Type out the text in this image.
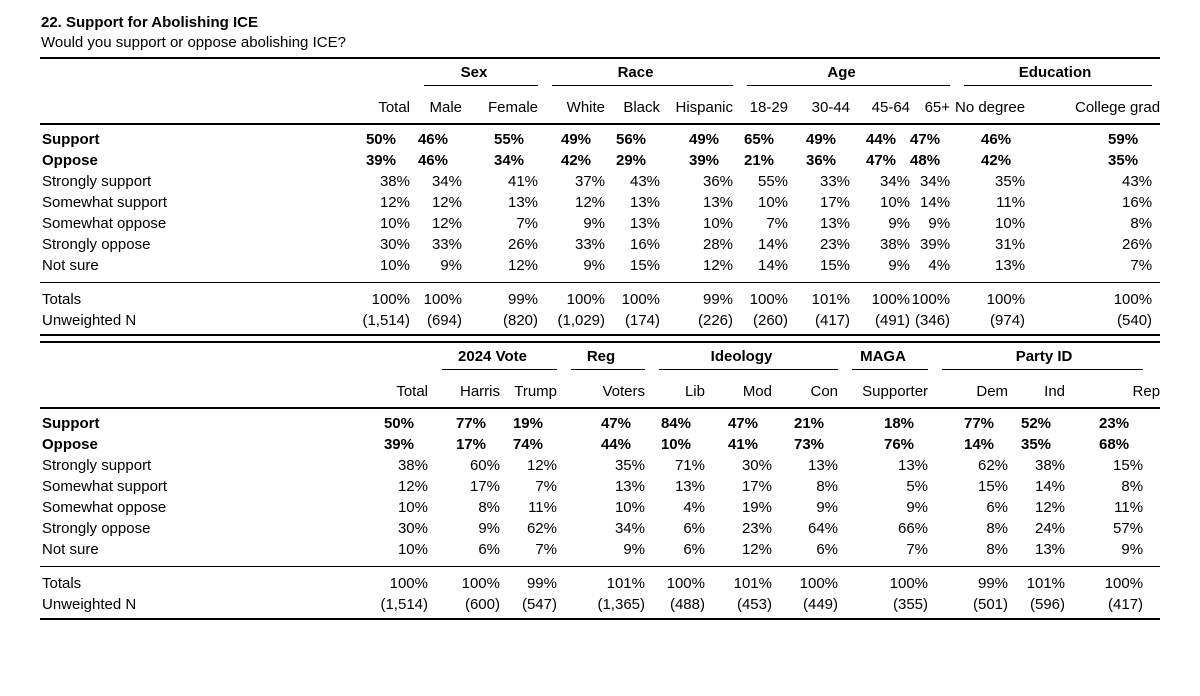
22. Support for Abolishing ICE
Would you support or oppose abolishing ICE?
		Sex		Race			Age				Education	

	Total	Male	Female	White	Black	Hispanic	18-29	30-44	45-64	65+	No degree	College grad
Support	50%	46%	55%	49%	56%	49%	65%	49%	44%	47%	46%	59%
Oppose	39%	46%	34%	42%	29%	39%	21%	36%	47%	48%	42%	35%
Strongly support	38%	34%	41%	37%	43%	36%	55%	33%	34%	34%	35%	43%
Somewhat support	12%	12%	13%	12%	13%	13%	10%	17%	10%	14%	11%	16%
Somewhat oppose	10%	12%	7%	9%	13%	10%	7%	13%	9%	9%	10%	8%
Strongly oppose	30%	33%	26%	33%	16%	28%	14%	23%	38%	39%	31%	26%
Not sure	10%	9%	12%	9%	15%	12%	14%	15%	9%	4%	13%	7%
Totals	100%	100%	99%	100%	100%	99%	100%	101%	100%	100%	100%	100%
Unweighted N	(1,514)	(694)	(820)	(1,029)	(174)	(226)	(260)	(417)	(491)	(346)	(974)	(540)
		2024 Vote		Reg	Ideology			MAGA	Party ID		

	Total	Harris	Trump	Voters	Lib	Mod	Con	Supporter	Dem	Ind	Rep
Support	50%	77%	19%	47%	84%	47%	21%	18%	77%	52%	23%
Oppose	39%	17%	74%	44%	10%	41%	73%	76%	14%	35%	68%
Strongly support	38%	60%	12%	35%	71%	30%	13%	13%	62%	38%	15%
Somewhat support	12%	17%	7%	13%	13%	17%	8%	5%	15%	14%	8%
Somewhat oppose	10%	8%	11%	10%	4%	19%	9%	9%	6%	12%	11%
Strongly oppose	30%	9%	62%	34%	6%	23%	64%	66%	8%	24%	57%
Not sure	10%	6%	7%	9%	6%	12%	6%	7%	8%	13%	9%
Totals	100%	100%	99%	101%	100%	101%	100%	100%	99%	101%	100%
Unweighted N	(1,514)	(600)	(547)	(1,365)	(488)	(453)	(449)	(355)	(501)	(596)	(417)
